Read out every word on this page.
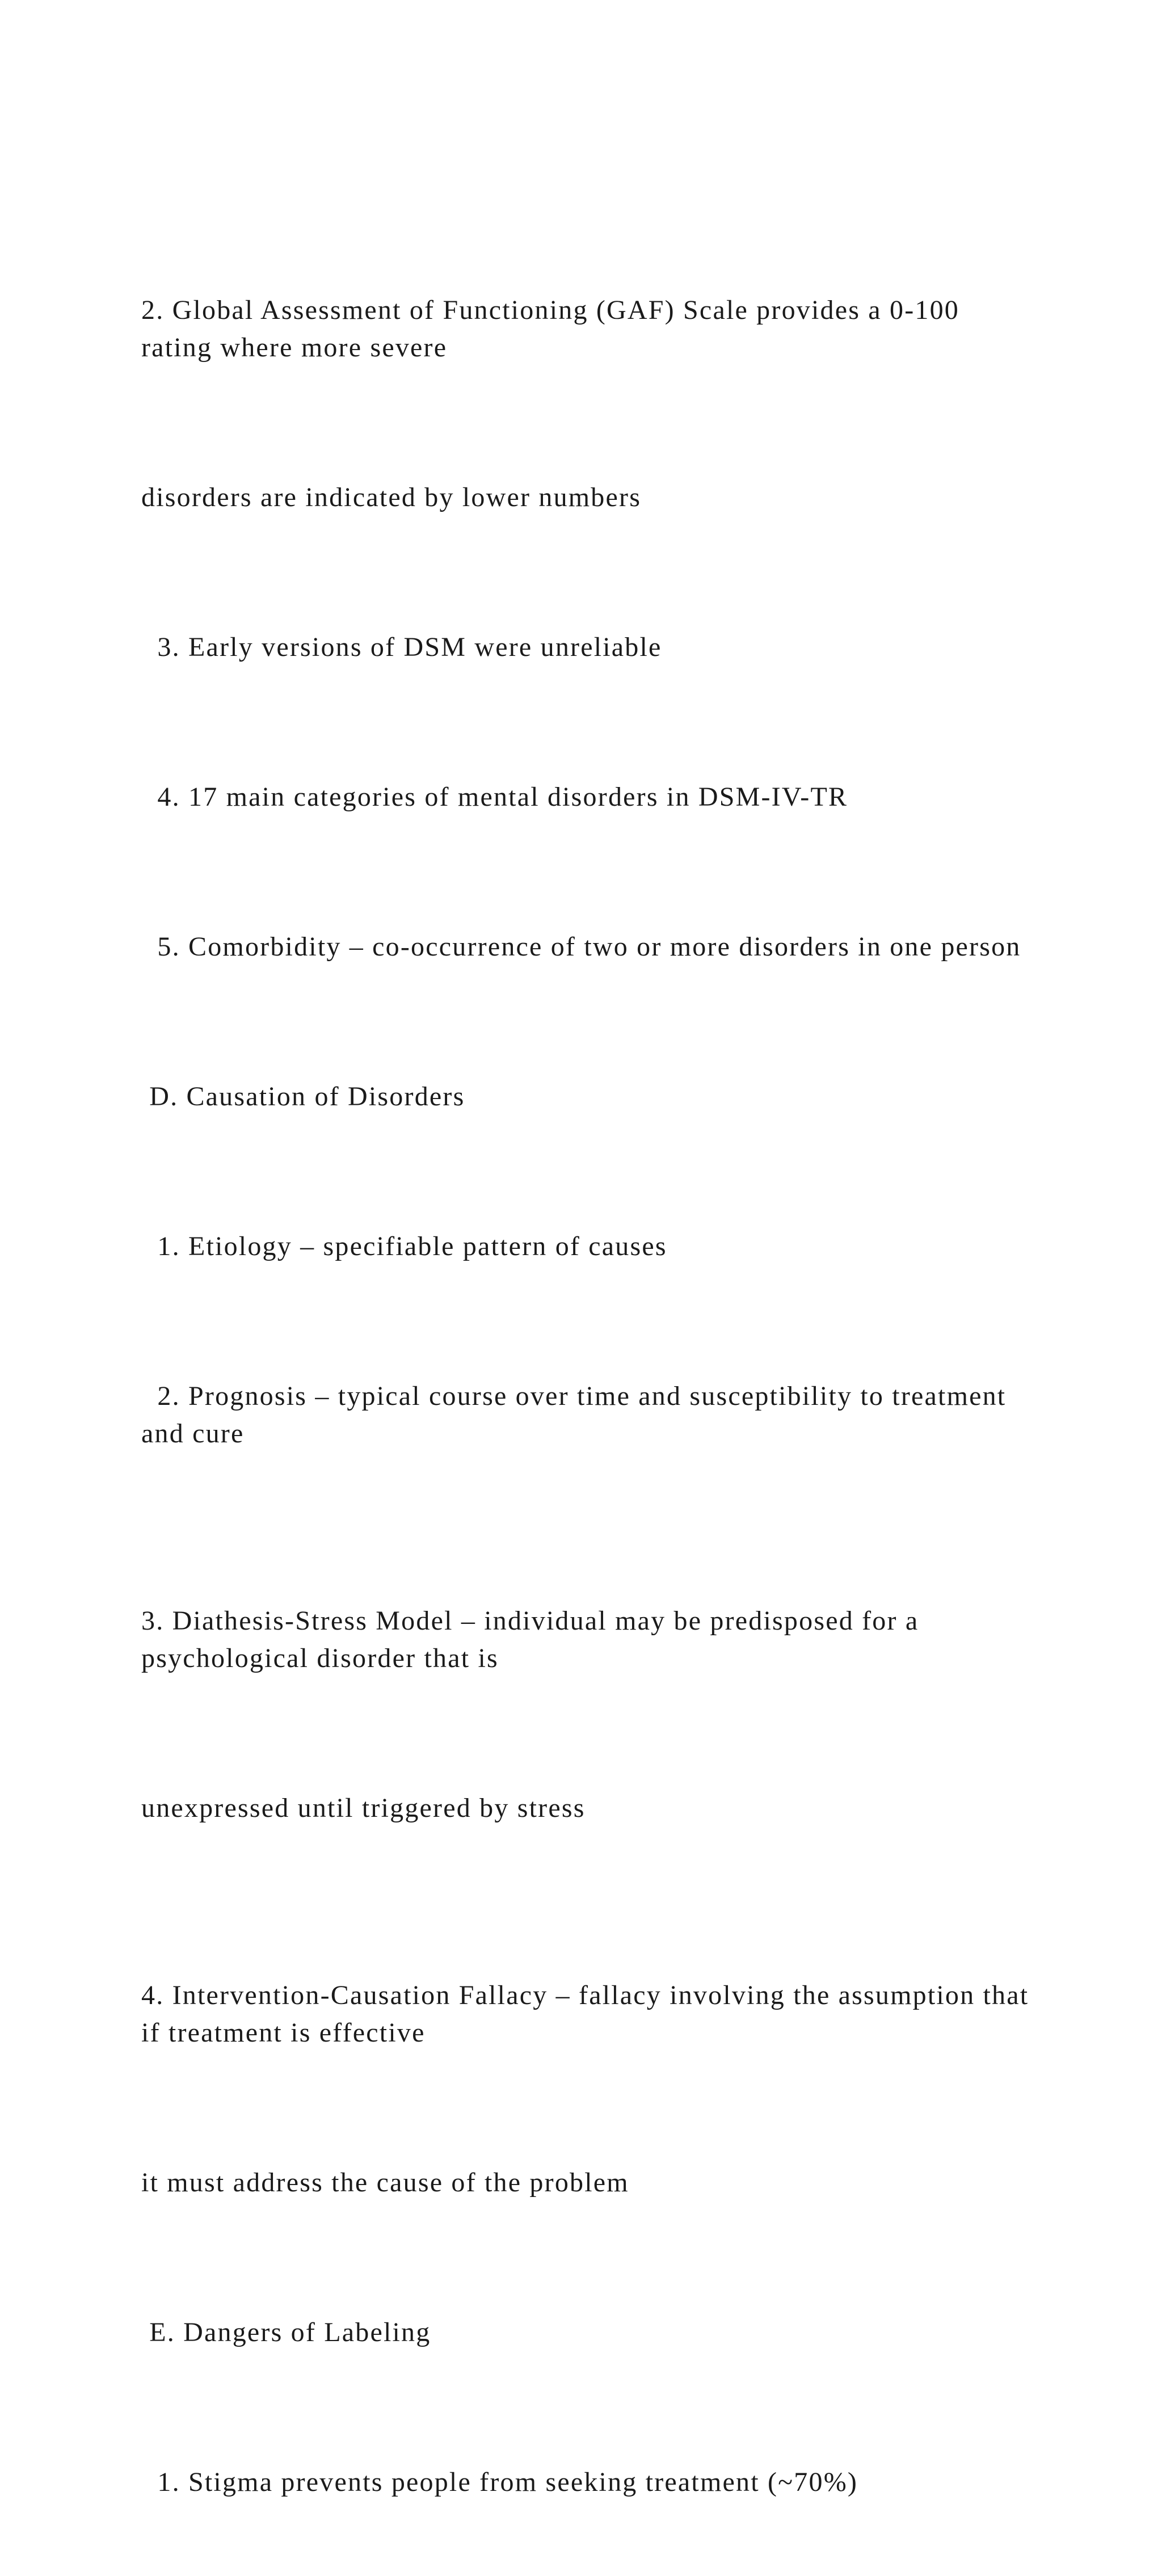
2. Global Assessment of Functioning (GAF) Scale provides a 0-100 rating where more severe

disorders are indicated by lower numbers

3. Early versions of DSM were unreliable

4. 17 main categories of mental disorders in DSM-IV-TR

5. Comorbidity – co-occurrence of two or more disorders in one person

D. Causation of Disorders

1. Etiology – specifiable pattern of causes

2. Prognosis – typical course over time and susceptibility to treatment and cure

3. Diathesis-Stress Model – individual may be predisposed for a psychological disorder that is

unexpressed until triggered by stress

4. Intervention-Causation Fallacy – fallacy involving the assumption that if treatment is effective

it must address the cause of the problem

E. Dangers of Labeling

1. Stigma prevents people from seeking treatment (~70%)
